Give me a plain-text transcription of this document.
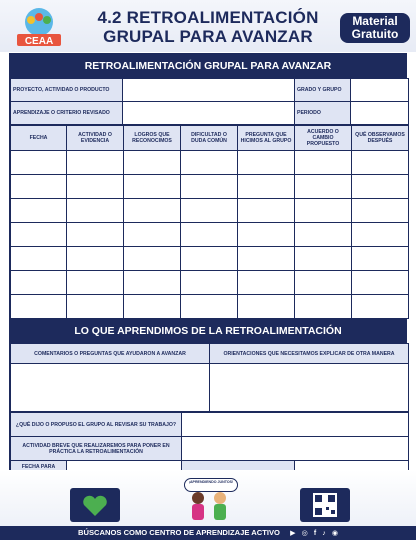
CEAA
4.2 RETROALIMENTACIÓN
GRUPAL PARA AVANZAR
Material
Gratuito
RETROALIMENTACIÓN GRUPAL PARA AVANZAR
PROYECTO, ACTIVIDAD O PRODUCTO		GRADO Y GRUPO	
APRENDIZAJE O CRITERIO REVISADO		PERIODO	
FECHA	ACTIVIDAD O EVIDENCIA	LOGROS QUE RECONOCIMOS	DIFICULTAD O DUDA COMÚN	PREGUNTA QUE HICIMOS AL GRUPO	ACUERDO O CAMBIO PROPUESTO	QUÉ OBSERVAMOS DESPUÉS

LO QUE APRENDIMOS DE LA RETROALIMENTACIÓN
COMENTARIOS O PREGUNTAS QUE AYUDARON A AVANZAR	ORIENTACIONES QUE NECESITAMOS EXPLICAR DE OTRA MANERA

¿QUÉ DIJO O PROPUSO EL GRUPO AL REVISAR SU TRABAJO?			
ACTIVIDAD BREVE QUE REALIZAREMOS PARA PONER EN PRÁCTICA LA RETROALIMENTACIÓN			
FECHA PARA			
¡APRENDIENDO JUNTOS!
BÚSCANOS COMO CENTRO DE APRENDIZAJE ACTIVO ▶ ◎ f ♪ ◉
